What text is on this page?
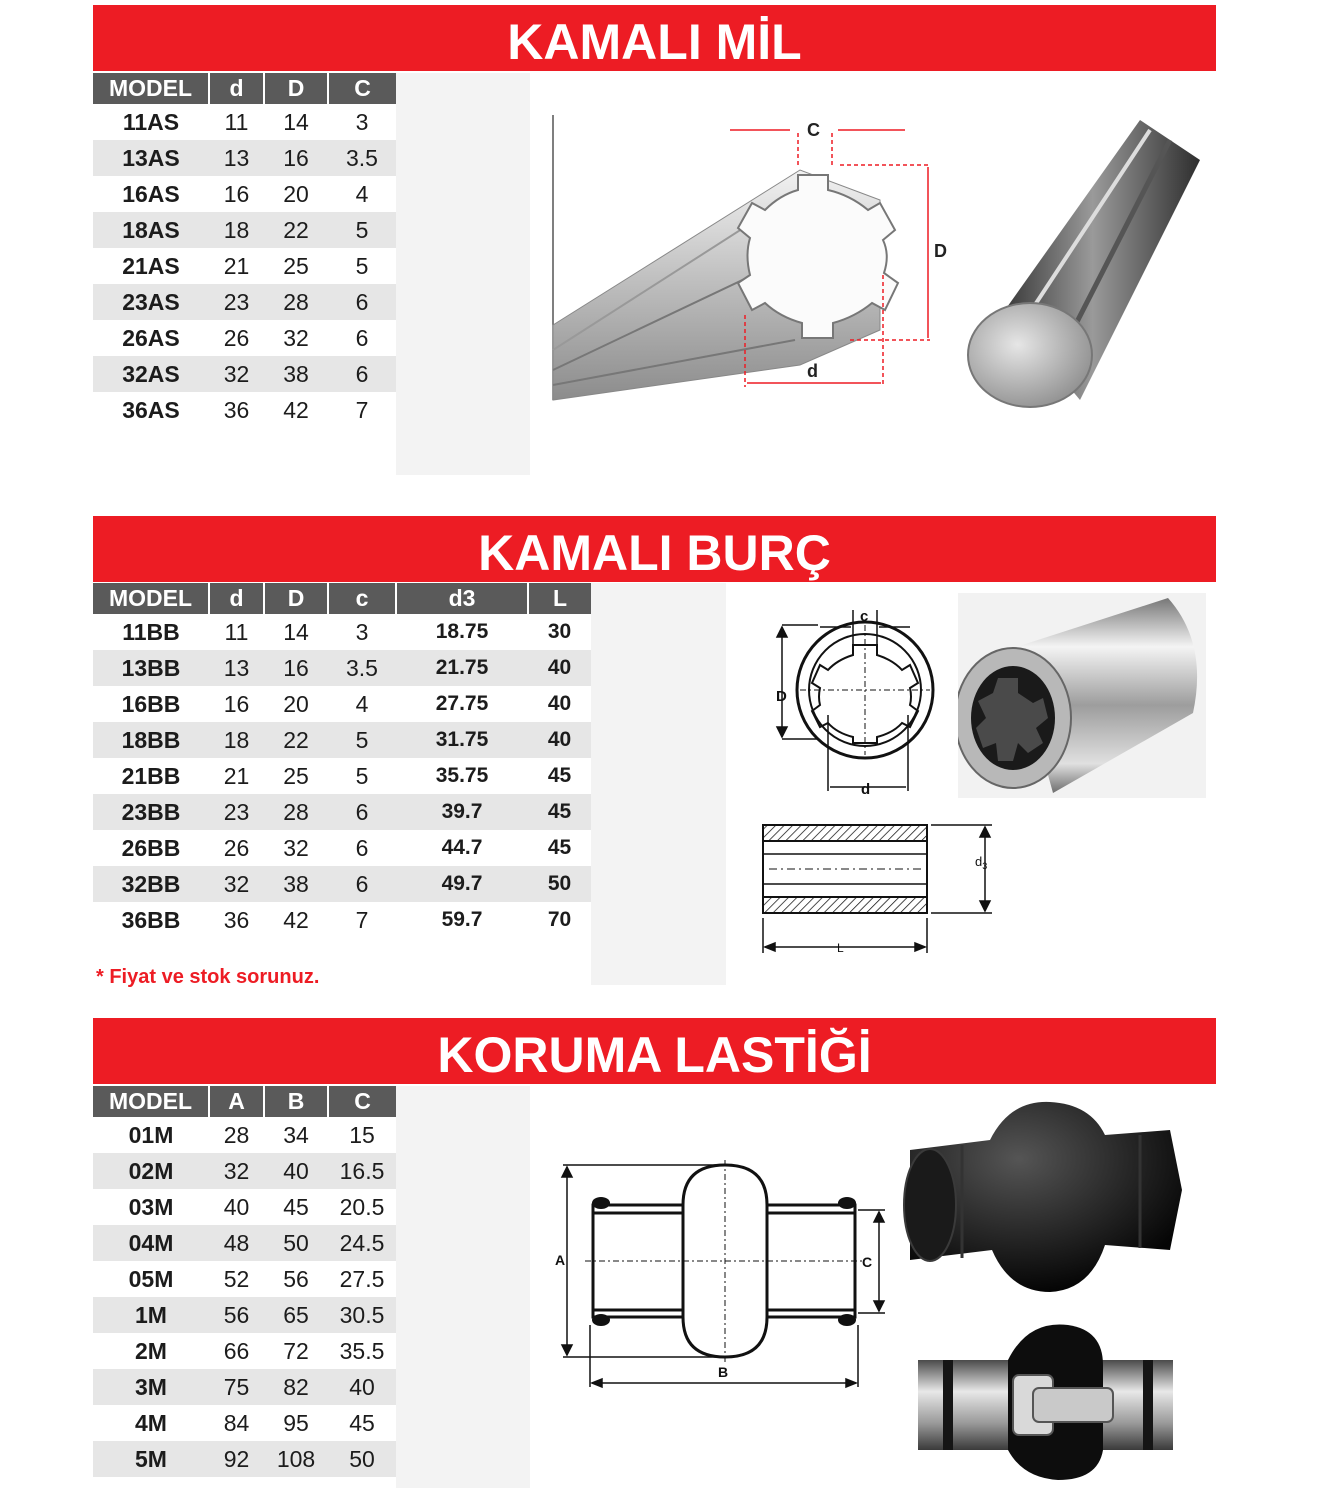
KAMALI MİL
MODEL	d	D	C
11AS	11	14	3
13AS	13	16	3.5
16AS	16	20	4
18AS	18	22	5
21AS	21	25	5
23AS	23	28	6
26AS	26	32	6
32AS	32	38	6
36AS	36	42	7
C
D
d
KAMALI BURÇ
MODEL	d	D	c	d3	L
11BB	11	14	3	18.75	30
13BB	13	16	3.5	21.75	40
16BB	16	20	4	27.75	40
18BB	18	22	5	31.75	40
21BB	21	25	5	35.75	45
23BB	23	28	6	39.7	45
26BB	26	32	6	44.7	45
32BB	32	38	6	49.7	50
36BB	36	42	7	59.7	70
* Fiyat ve stok sorunuz.
c
D
d
$d_3$
L
KORUMA LASTİĞİ
MODEL	A	B	C
01M	28	34	15
02M	32	40	16.5
03M	40	45	20.5
04M	48	50	24.5
05M	52	56	27.5
1M	56	65	30.5
2M	66	72	35.5
3M	75	82	40
4M	84	95	45
5M	92	108	50
A
B
C
